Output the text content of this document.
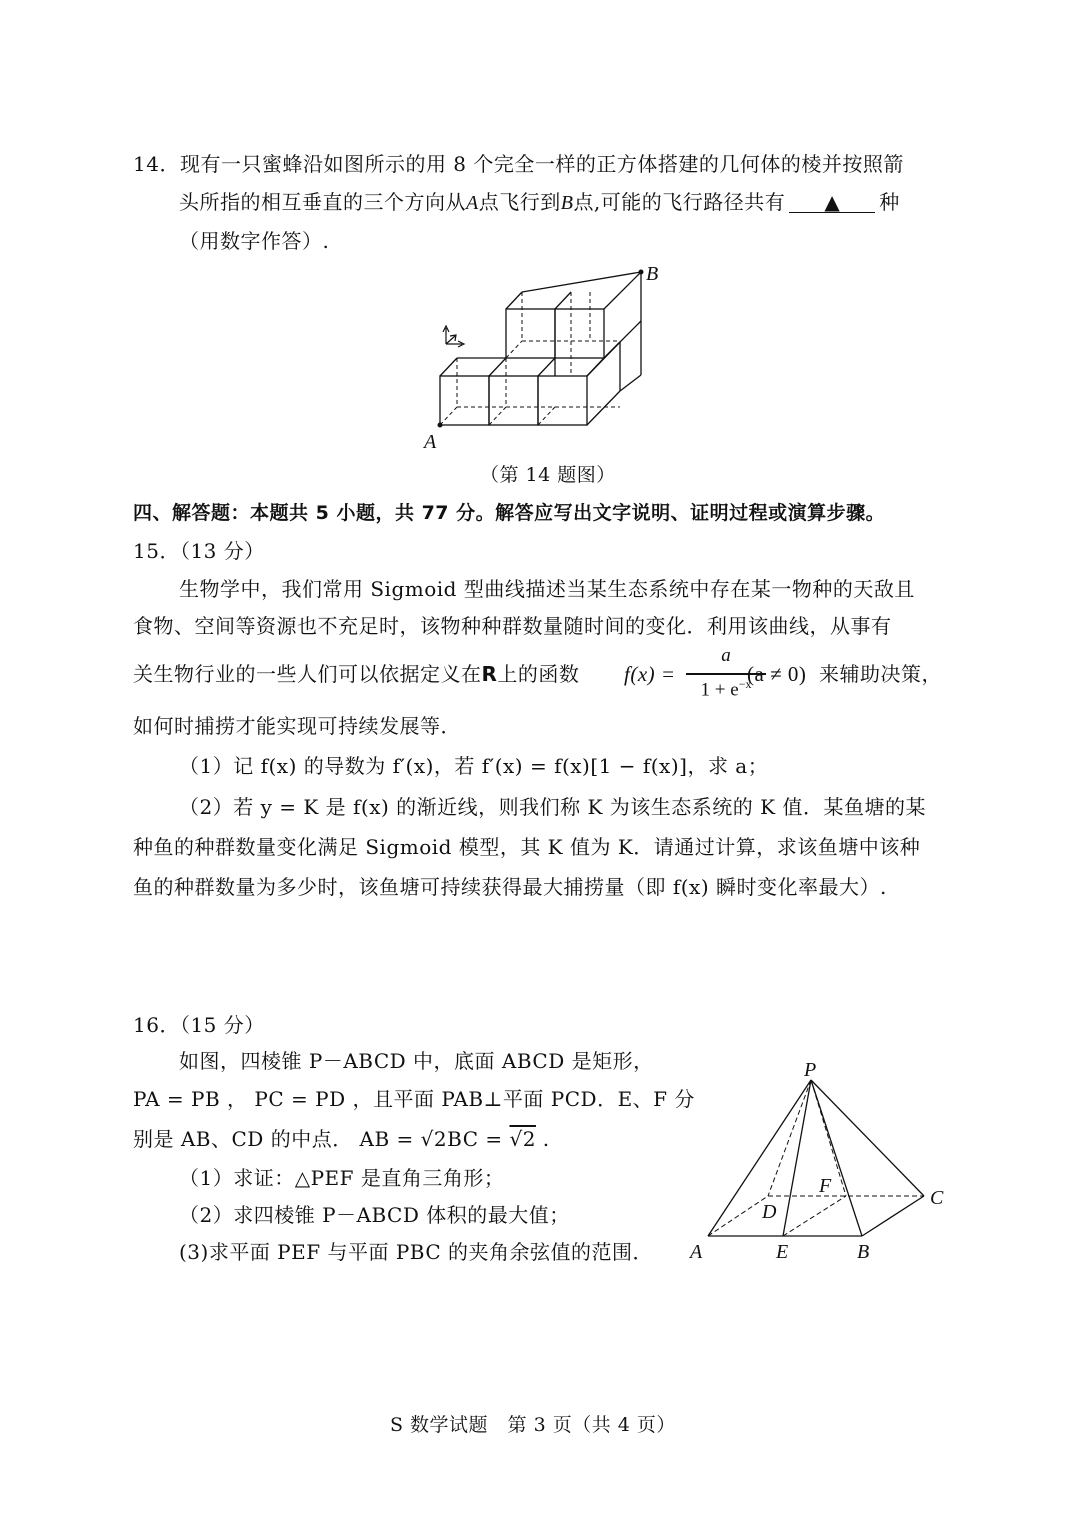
14．现有一只蜜蜂沿如图所示的用 8 个完全一样的正方体搭建的几何体的棱并按照箭
头所指的相互垂直的三个方向从A点飞行到B点,可能的飞行路径共有 ▲ 种
（用数字作答）.
A
B
（第 14 题图）
四、解答题：本题共 5 小题，共 77 分。解答应写出文字说明、证明过程或演算步骤。
15．（13 分）
生物学中，我们常用 Sigmoid 型曲线描述当某生态系统中存在某一物种的天敌且
食物、空间等资源也不充足时，该物种种群数量随时间的变化．利用该曲线，从事有
关生物行业的一些人们可以依据定义在R上的函数 f(x) =
a
$1 + e^{-x}$
(a ≠ 0) 来辅助决策，
如何时捕捞才能实现可持续发展等．
（1）记 f(x) 的导数为 f′(x)，若 f′(x) = f(x)[1 − f(x)]，求 a；
（2）若 y = K 是 f(x) 的渐近线，则我们称 K 为该生态系统的 K 值．某鱼塘的某
种鱼的种群数量变化满足 Sigmoid 模型，其 K 值为 K．请通过计算，求该鱼塘中该种
鱼的种群数量为多少时，该鱼塘可持续获得最大捕捞量（即 f(x) 瞬时变化率最大）.
16．（15 分）
如图，四棱锥 P－ABCD 中，底面 ABCD 是矩形，
PA = PB ， PC = PD ，且平面 PAB⊥平面 PCD．E、F 分
别是 AB、CD 的中点． AB = √2BC = √2 .
（1）求证：△PEF 是直角三角形；
（2）求四棱锥 P－ABCD 体积的最大值；
(3)求平面 PEF 与平面 PBC 的夹角余弦值的范围．
P
A	E	B
C
D
F
S 数学试题　第 3 页（共 4 页）
